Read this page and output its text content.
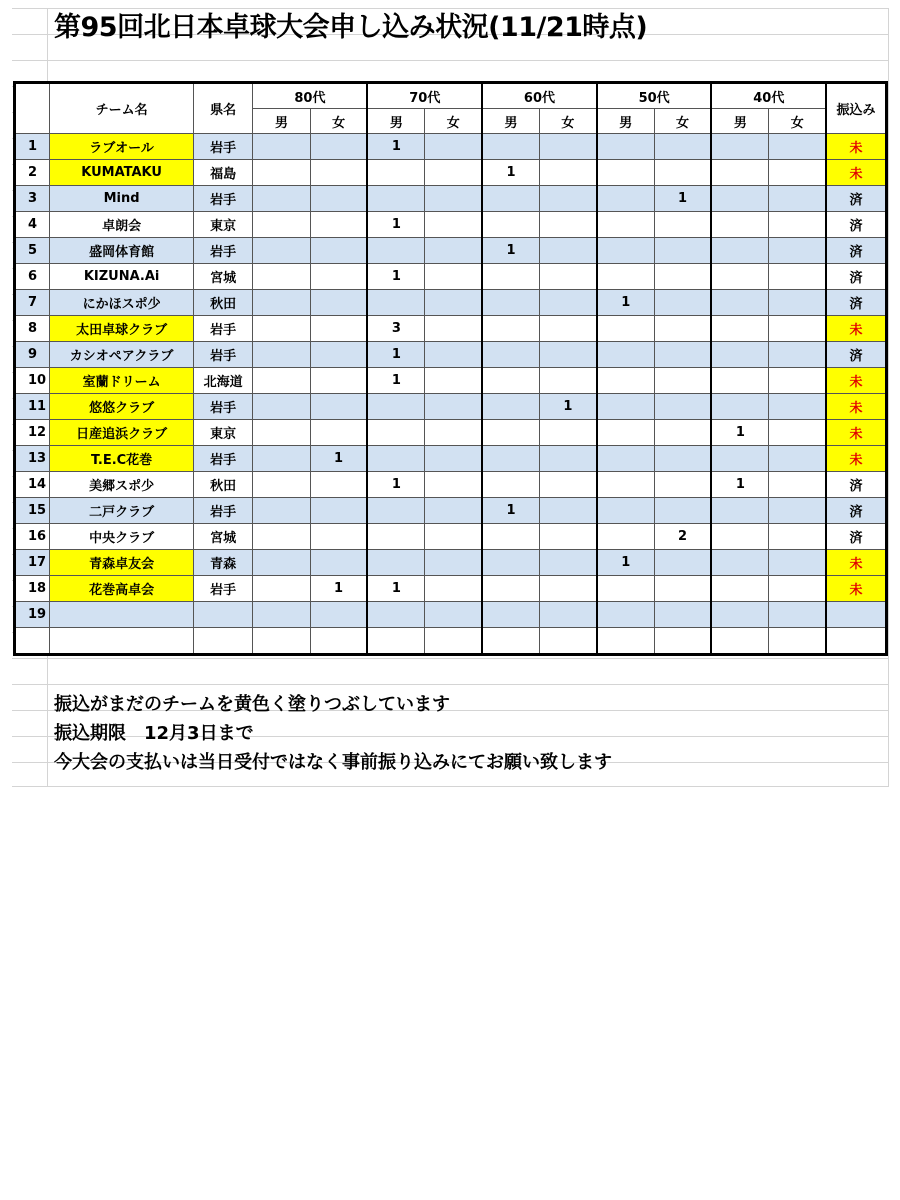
第95回北日本卓球大会申し込み状況(11/21時点)
	チーム名	県名	80代		70代		60代		50代		40代		振込み
			男	女	男	女	男	女	男	女	男	女	
1	ラブオール	岩手			1								未
2	KUMATAKU	福島					1						未
3	Mind	岩手								1			済
4	卓朗会	東京			1								済
5	盛岡体育館	岩手					1						済
6	KIZUNA.Ai	宮城			1								済
7	にかほスポ少	秋田							1				済
8	太田卓球クラブ	岩手			3								未
9	カシオペアクラブ	岩手			1								済
10	室蘭ドリーム	北海道			1								未
11	悠悠クラブ	岩手						1					未
12	日産追浜クラブ	東京									1		未
13	T.E.C花巻	岩手		1									未
14	美郷スポ少	秋田			1						1		済
15	二戸クラブ	岩手					1						済
16	中央クラブ	宮城								2			済
17	青森卓友会	青森							1				未
18	花巻高卓会	岩手		1	1								未
19													

振込がまだのチームを黄色く塗りつぶしています
振込期限　12月3日まで
今大会の支払いは当日受付ではなく事前振り込みにてお願い致します
